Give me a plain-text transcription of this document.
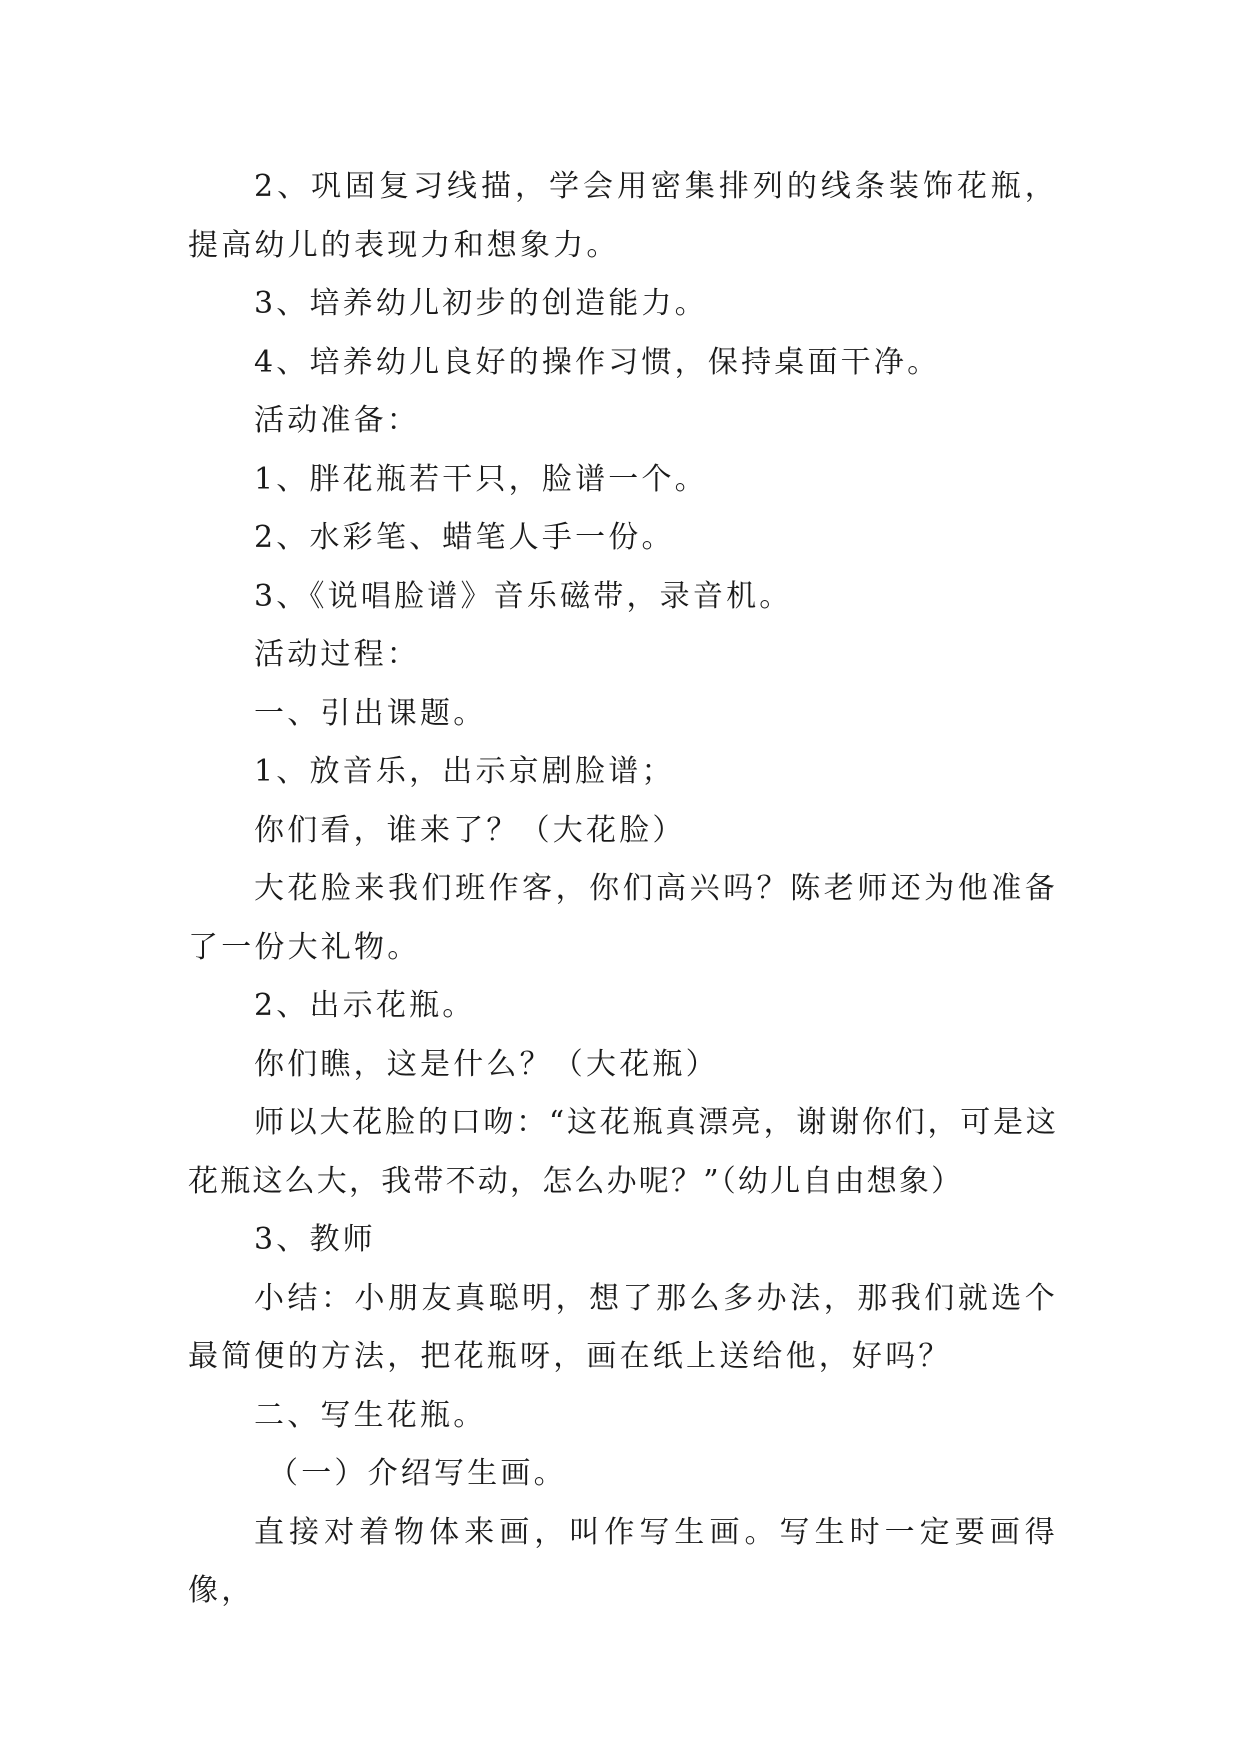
2、巩固复习线描，学会用密集排列的线条装饰花瓶，提高幼儿的表现力和想象力。

3、培养幼儿初步的创造能力。

4、培养幼儿良好的操作习惯，保持桌面干净。

活动准备：

1、胖花瓶若干只，脸谱一个。

2、水彩笔、蜡笔人手一份。

3、《说唱脸谱》音乐磁带，录音机。

活动过程：

一、引出课题。

1、放音乐，出示京剧脸谱；

你们看，谁来了？（大花脸）

大花脸来我们班作客，你们高兴吗？陈老师还为他准备了一份大礼物。

2、出示花瓶。

你们瞧，这是什么？（大花瓶）

师以大花脸的口吻：“这花瓶真漂亮，谢谢你们，可是这花瓶这么大，我带不动，怎么办呢？”（幼儿自由想象）

3、教师

小结：小朋友真聪明，想了那么多办法，那我们就选个最简便的方法，把花瓶呀，画在纸上送给他，好吗？

二、写生花瓶。

（一）介绍写生画。

直接对着物体来画，叫作写生画。写生时一定要画得像，
